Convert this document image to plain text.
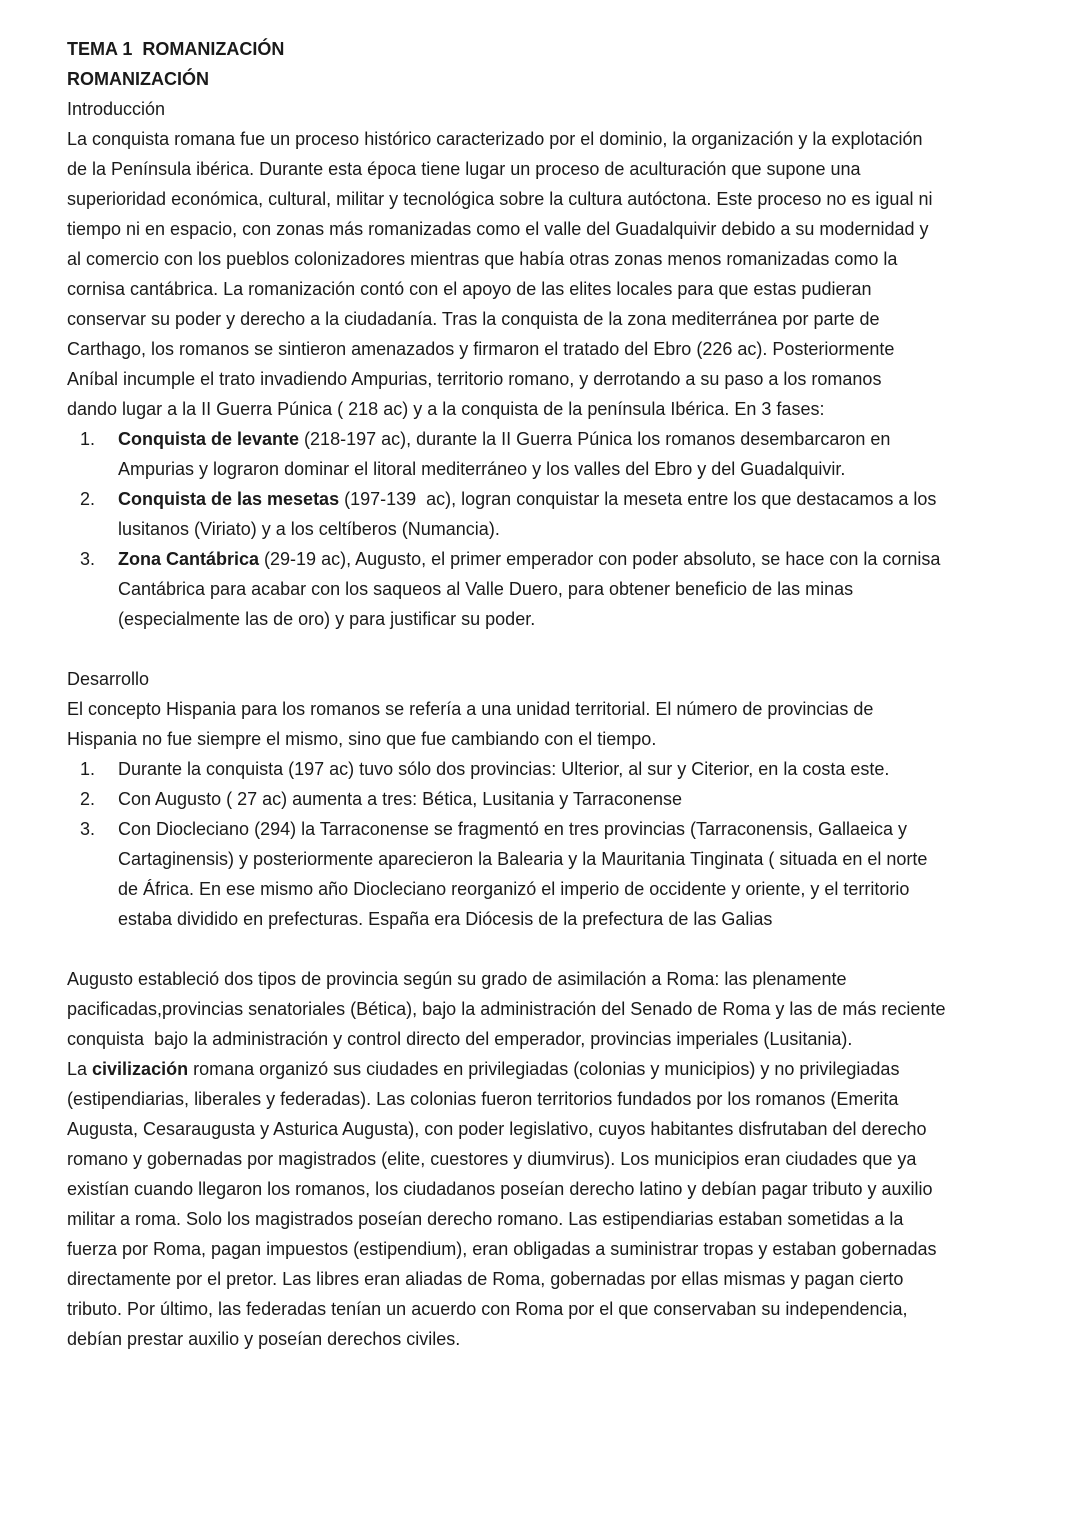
TEMA 1  ROMANIZACIÓN
ROMANIZACIÓN
Introducción
La conquista romana fue un proceso histórico caracterizado por el dominio, la organización y la explotación
de la Península ibérica. Durante esta época tiene lugar un proceso de aculturación que supone una
superioridad económica, cultural, militar y tecnológica sobre la cultura autóctona. Este proceso no es igual ni
tiempo ni en espacio, con zonas más romanizadas como el valle del Guadalquivir debido a su modernidad y
al comercio con los pueblos colonizadores mientras que había otras zonas menos romanizadas como la
cornisa cantábrica. La romanización contó con el apoyo de las elites locales para que estas pudieran
conservar su poder y derecho a la ciudadanía. Tras la conquista de la zona mediterránea por parte de
Carthago, los romanos se sintieron amenazados y firmaron el tratado del Ebro (226 ac). Posteriormente
Aníbal incumple el trato invadiendo Ampurias, territorio romano, y derrotando a su paso a los romanos
dando lugar a la II Guerra Púnica ( 218 ac) y a la conquista de la península Ibérica. En 3 fases:
1. Conquista de levante (218-197 ac), durante la II Guerra Púnica los romanos desembarcaron en
Ampurias y lograron dominar el litoral mediterráneo y los valles del Ebro y del Guadalquivir.
2. Conquista de las mesetas (197-139  ac), logran conquistar la meseta entre los que destacamos a los
lusitanos (Viriato) y a los celtíberos (Numancia).
3. Zona Cantábrica (29-19 ac), Augusto, el primer emperador con poder absoluto, se hace con la cornisa
Cantábrica para acabar con los saqueos al Valle Duero, para obtener beneficio de las minas
(especialmente las de oro) y para justificar su poder.
Desarrollo
El concepto Hispania para los romanos se refería a una unidad territorial. El número de provincias de
Hispania no fue siempre el mismo, sino que fue cambiando con el tiempo.
1. Durante la conquista (197 ac) tuvo sólo dos provincias: Ulterior, al sur y Citerior, en la costa este.
2. Con Augusto ( 27 ac) aumenta a tres: Bética, Lusitania y Tarraconense
3. Con Diocleciano (294) la Tarraconense se fragmentó en tres provincias (Tarraconensis, Gallaeica y
Cartaginensis) y posteriormente aparecieron la Balearia y la Mauritania Tinginata ( situada en el norte
de África. En ese mismo año Diocleciano reorganizó el imperio de occidente y oriente, y el territorio
estaba dividido en prefecturas. España era Diócesis de la prefectura de las Galias
Augusto estableció dos tipos de provincia según su grado de asimilación a Roma: las plenamente
pacificadas,provincias senatoriales (Bética), bajo la administración del Senado de Roma y las de más reciente
conquista  bajo la administración y control directo del emperador, provincias imperiales (Lusitania).
La civilización romana organizó sus ciudades en privilegiadas (colonias y municipios) y no privilegiadas
(estipendiarias, liberales y federadas). Las colonias fueron territorios fundados por los romanos (Emerita
Augusta, Cesaraugusta y Asturica Augusta), con poder legislativo, cuyos habitantes disfrutaban del derecho
romano y gobernadas por magistrados (elite, cuestores y diumvirus). Los municipios eran ciudades que ya
existían cuando llegaron los romanos, los ciudadanos poseían derecho latino y debían pagar tributo y auxilio
militar a roma. Solo los magistrados poseían derecho romano. Las estipendiarias estaban sometidas a la
fuerza por Roma, pagan impuestos (estipendium), eran obligadas a suministrar tropas y estaban gobernadas
directamente por el pretor. Las libres eran aliadas de Roma, gobernadas por ellas mismas y pagan cierto
tributo. Por último, las federadas tenían un acuerdo con Roma por el que conservaban su independencia,
debían prestar auxilio y poseían derechos civiles.
